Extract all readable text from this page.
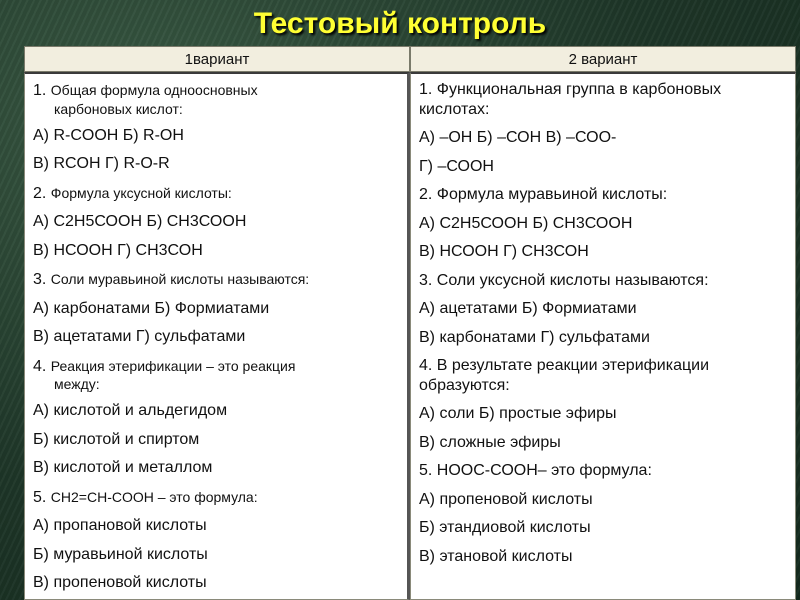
Тестовый контроль
1вариант	2 вариант
1. Общая формула одноосновных
карбоновых кислот:
А) R-COOH Б) R-OH
В) RCOH Г) R-O-R
2. Формула уксусной кислоты:
А) С2Н5СООН Б) СН3СООН
В) НСООН Г) СН3СОН
3. Соли муравьиной кислоты называются:
А) карбонатами Б) Формиатами
В) ацетатами Г) сульфатами
4. Реакция этерификации – это реакция
между:
А) кислотой и альдегидом
Б) кислотой и спиртом
В) кислотой и металлом
5. CH2=CH-COOH – это формула:
А) пропановой кислоты
Б) муравьиной кислоты
В) пропеновой кислоты
1. Функциональная группа в карбоновых кислотах:
А) –ОН Б) –СОН В) –СОО-
Г) –СООН
2. Формула муравьиной кислоты:
А) С2Н5СООН Б) СН3СООН
В) НСООН Г) СН3СОН
3. Соли уксусной кислоты называются:
А) ацетатами Б) Формиатами
В) карбонатами Г) сульфатами
4. В результате реакции этерификации образуются:
А) соли Б) простые эфиры
В) сложные эфиры
5. НООС-СООН– это формула:
А) пропеновой кислоты
Б) этандиовой кислоты
В) этановой кислоты
